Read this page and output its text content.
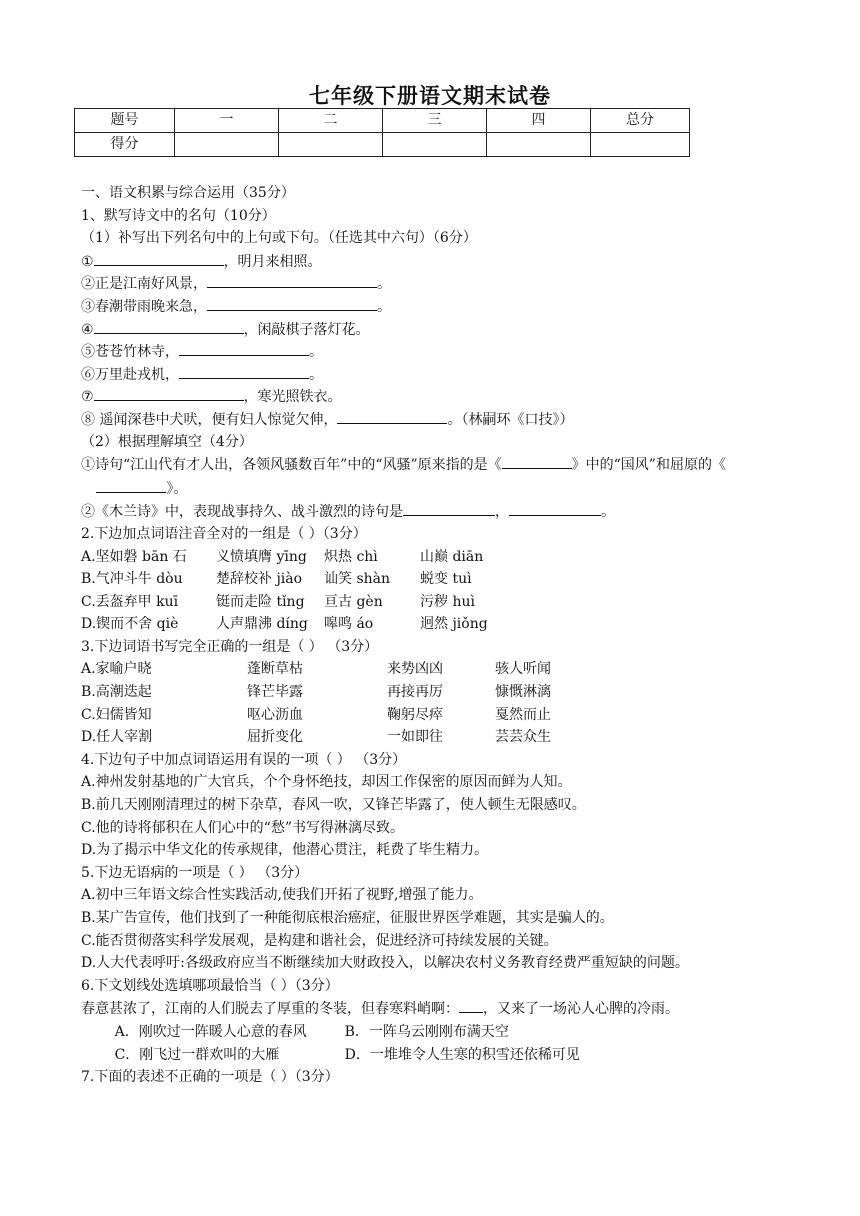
七年级下册语文期末试卷
题号	一	二	三	四	总分
得分					
一、语文积累与综合运用（35分）
1、默写诗文中的名句（10分）
（1）补写出下列名句中的上句或下句。（任选其中六句）（6分）
①	，明月来相照。
②正是江南好风景，	。
③春潮带雨晚来急，	。
④	，闲敲棋子落灯花。
⑤苍苍竹林寺，	。
⑥万里赴戎机，	。
⑦	，寒光照铁衣。
⑧ 遥闻深巷中犬吠，便有妇人惊觉欠伸，	。（林嗣环《口技》）
（2）根据理解填空（4分）
①诗句“江山代有才人出，各领风骚数百年”中的“风骚”原来指的是《	》中的“国风”和屈原的《》。
②《木兰诗》中，表现战事持久、战斗激烈的诗句是	，	。
2.下边加点词语注音全对的一组是（ ）（3分）
A.坚如磐 bān 石 义愤填膺 yīng 炽热 chì	山巅 diān
B.气冲斗牛 dòu 楚辞校补 jiào 讪笑 shàn 蜕变 tuì
C.丢盔弃甲 kuī	铤而走险 tǐng 亘古 gèn	污秽 huì
D.锲而不舍 qiè	人声鼎沸 díng 嗥鸣 áo	迥然 jiǒng
3.下边词语书写完全正确的一组是（ ） （3分）
A.家喻户晓	蓬断草枯	来势凶凶	骇人听闻
B.高潮迭起	锋芒毕露	再接再厉	慷慨淋漓
C.妇儒皆知	呕心沥血	鞠躬尽瘁	戛然而止
D.任人宰割	屈折变化	一如即往	芸芸众生
4.下边句子中加点词语运用有误的一项（ ） （3分）
A.神州发射基地的广大官兵，个个身怀绝技，却因工作保密的原因而鲜为人知。
B.前几天刚刚清理过的树下杂草，春风一吹，又锋芒毕露了，使人顿生无限感叹。
C.他的诗将郁积在人们心中的“愁”书写得淋漓尽致。
D.为了揭示中华文化的传承规律，他潜心贯注，耗费了毕生精力。
5.下边无语病的一项是（ ） （3分）
A.初中三年语文综合性实践活动,使我们开拓了视野,增强了能力。
B.某广告宣传，他们找到了一种能彻底根治癌症，征服世界医学难题，其实是骗人的。
C.能否贯彻落实科学发展观，是构建和谐社会，促进经济可持续发展的关键。
D.人大代表呼吁:各级政府应当不断继续加大财政投入，以解决农村义务教育经费严重短缺的问题。
6.下文划线处选填哪项最恰当（ ）（3分）
春意甚浓了，江南的人们脱去了厚重的冬装，但春寒料峭啊： ，又来了一场沁人心脾的冷雨。
A．刚吹过一阵暖人心意的春风	B．一阵乌云刚刚布满天空
C．刚飞过一群欢叫的大雁	D．一堆堆令人生寒的积雪还依稀可见
7.下面的表述不正确的一项是（ ）（3分）
